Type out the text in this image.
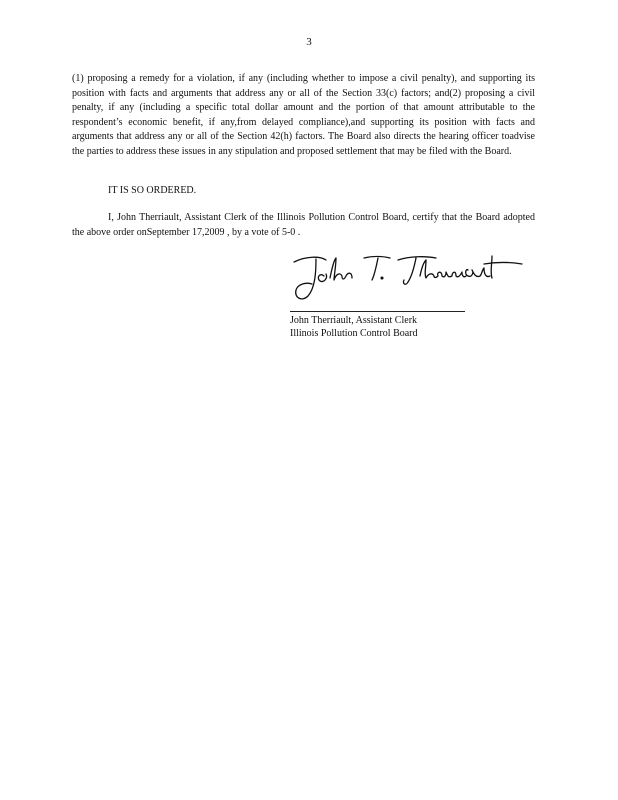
3

(1) proposing a remedy for a violation, if any (including whether to impose a civil penalty), and supporting its position with facts and arguments that address any or all of the Section 33(c) factors; and(2) proposing a civil penalty, if any (including a specific total dollar amount and the portion of that amount attributable to the respondent’s economic benefit, if any,from delayed compliance),and supporting its position with facts and arguments that address any or all of the Section 42(h) factors. The Board also directs the hearing officer toadvise the parties to address these issues in any stipulation and proposed settlement that may be filed with the Board.

IT IS SO ORDERED.

I, John Therriault, Assistant Clerk of the Illinois Pollution Control Board, certify that the Board adopted the above order onSeptember 17,2009 , by a vote of 5-0 .

John Therriault, Assistant Clerk
Illinois Pollution Control Board
